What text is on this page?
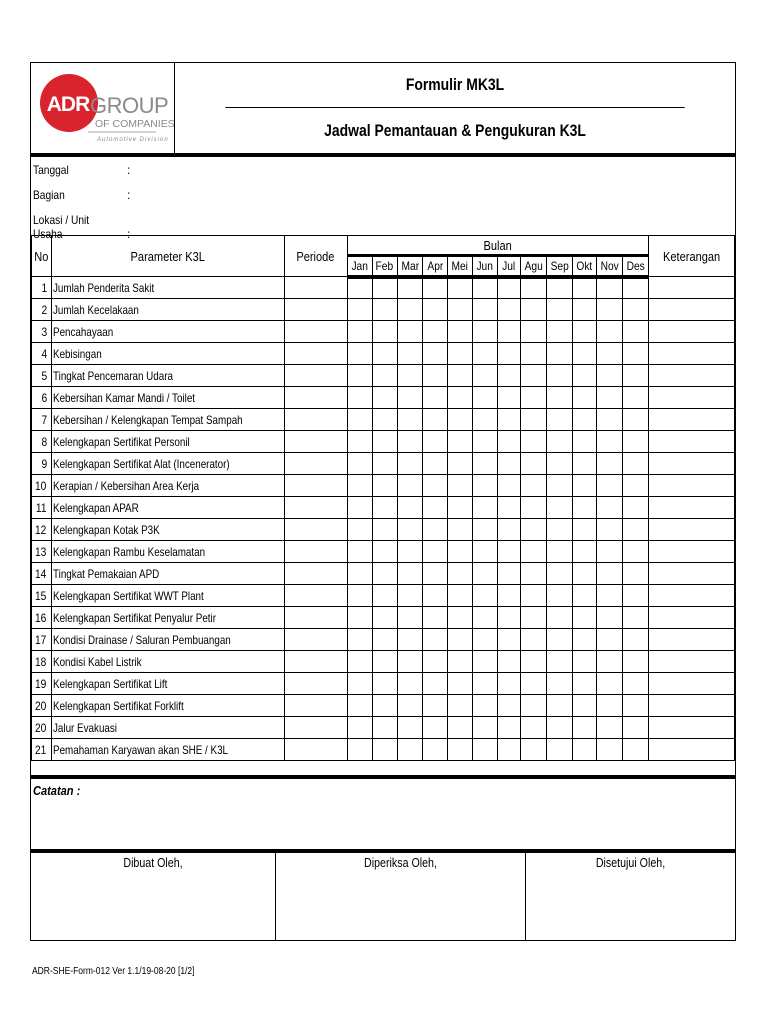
ADR GROUP
OF COMPANIES
Automotive Division
Formulir MK3L
Jadwal Pemantauan & Pengukuran K3L
Tanggal	:
Bagian	:
Lokasi / Unit Usaha	:
No	Parameter K3L	Periode	Bulan												Keterangan
			Jan	Feb	Mar	Apr	Mei	Jun	Jul	Agu	Sep	Okt	Nov	Des	
1	Jumlah Penderita Sakit														
2	Jumlah Kecelakaan														
3	Pencahayaan														
4	Kebisingan														
5	Tingkat Pencemaran Udara														
6	Kebersihan Kamar Mandi / Toilet														
7	Kebersihan / Kelengkapan Tempat Sampah														
8	Kelengkapan Sertifikat Personil														
9	Kelengkapan Sertifikat Alat (Incenerator)														
10	Kerapian / Kebersihan Area Kerja														
11	Kelengkapan APAR														
12	Kelengkapan Kotak P3K														
13	Kelengkapan Rambu Keselamatan														
14	Tingkat Pemakaian APD														
15	Kelengkapan Sertifikat WWT Plant														
16	Kelengkapan Sertifikat Penyalur Petir														
17	Kondisi Drainase / Saluran Pembuangan														
18	Kondisi Kabel Listrik														
19	Kelengkapan Sertifikat Lift														
20	Kelengkapan Sertifikat Forklift														
20	Jalur Evakuasi														
21	Pemahaman Karyawan akan SHE / K3L														
Catatan :
Dibuat Oleh,	Diperiksa Oleh,	Disetujui Oleh,
ADR-SHE-Form-012 Ver 1.1/19-08-20 [1/2]
